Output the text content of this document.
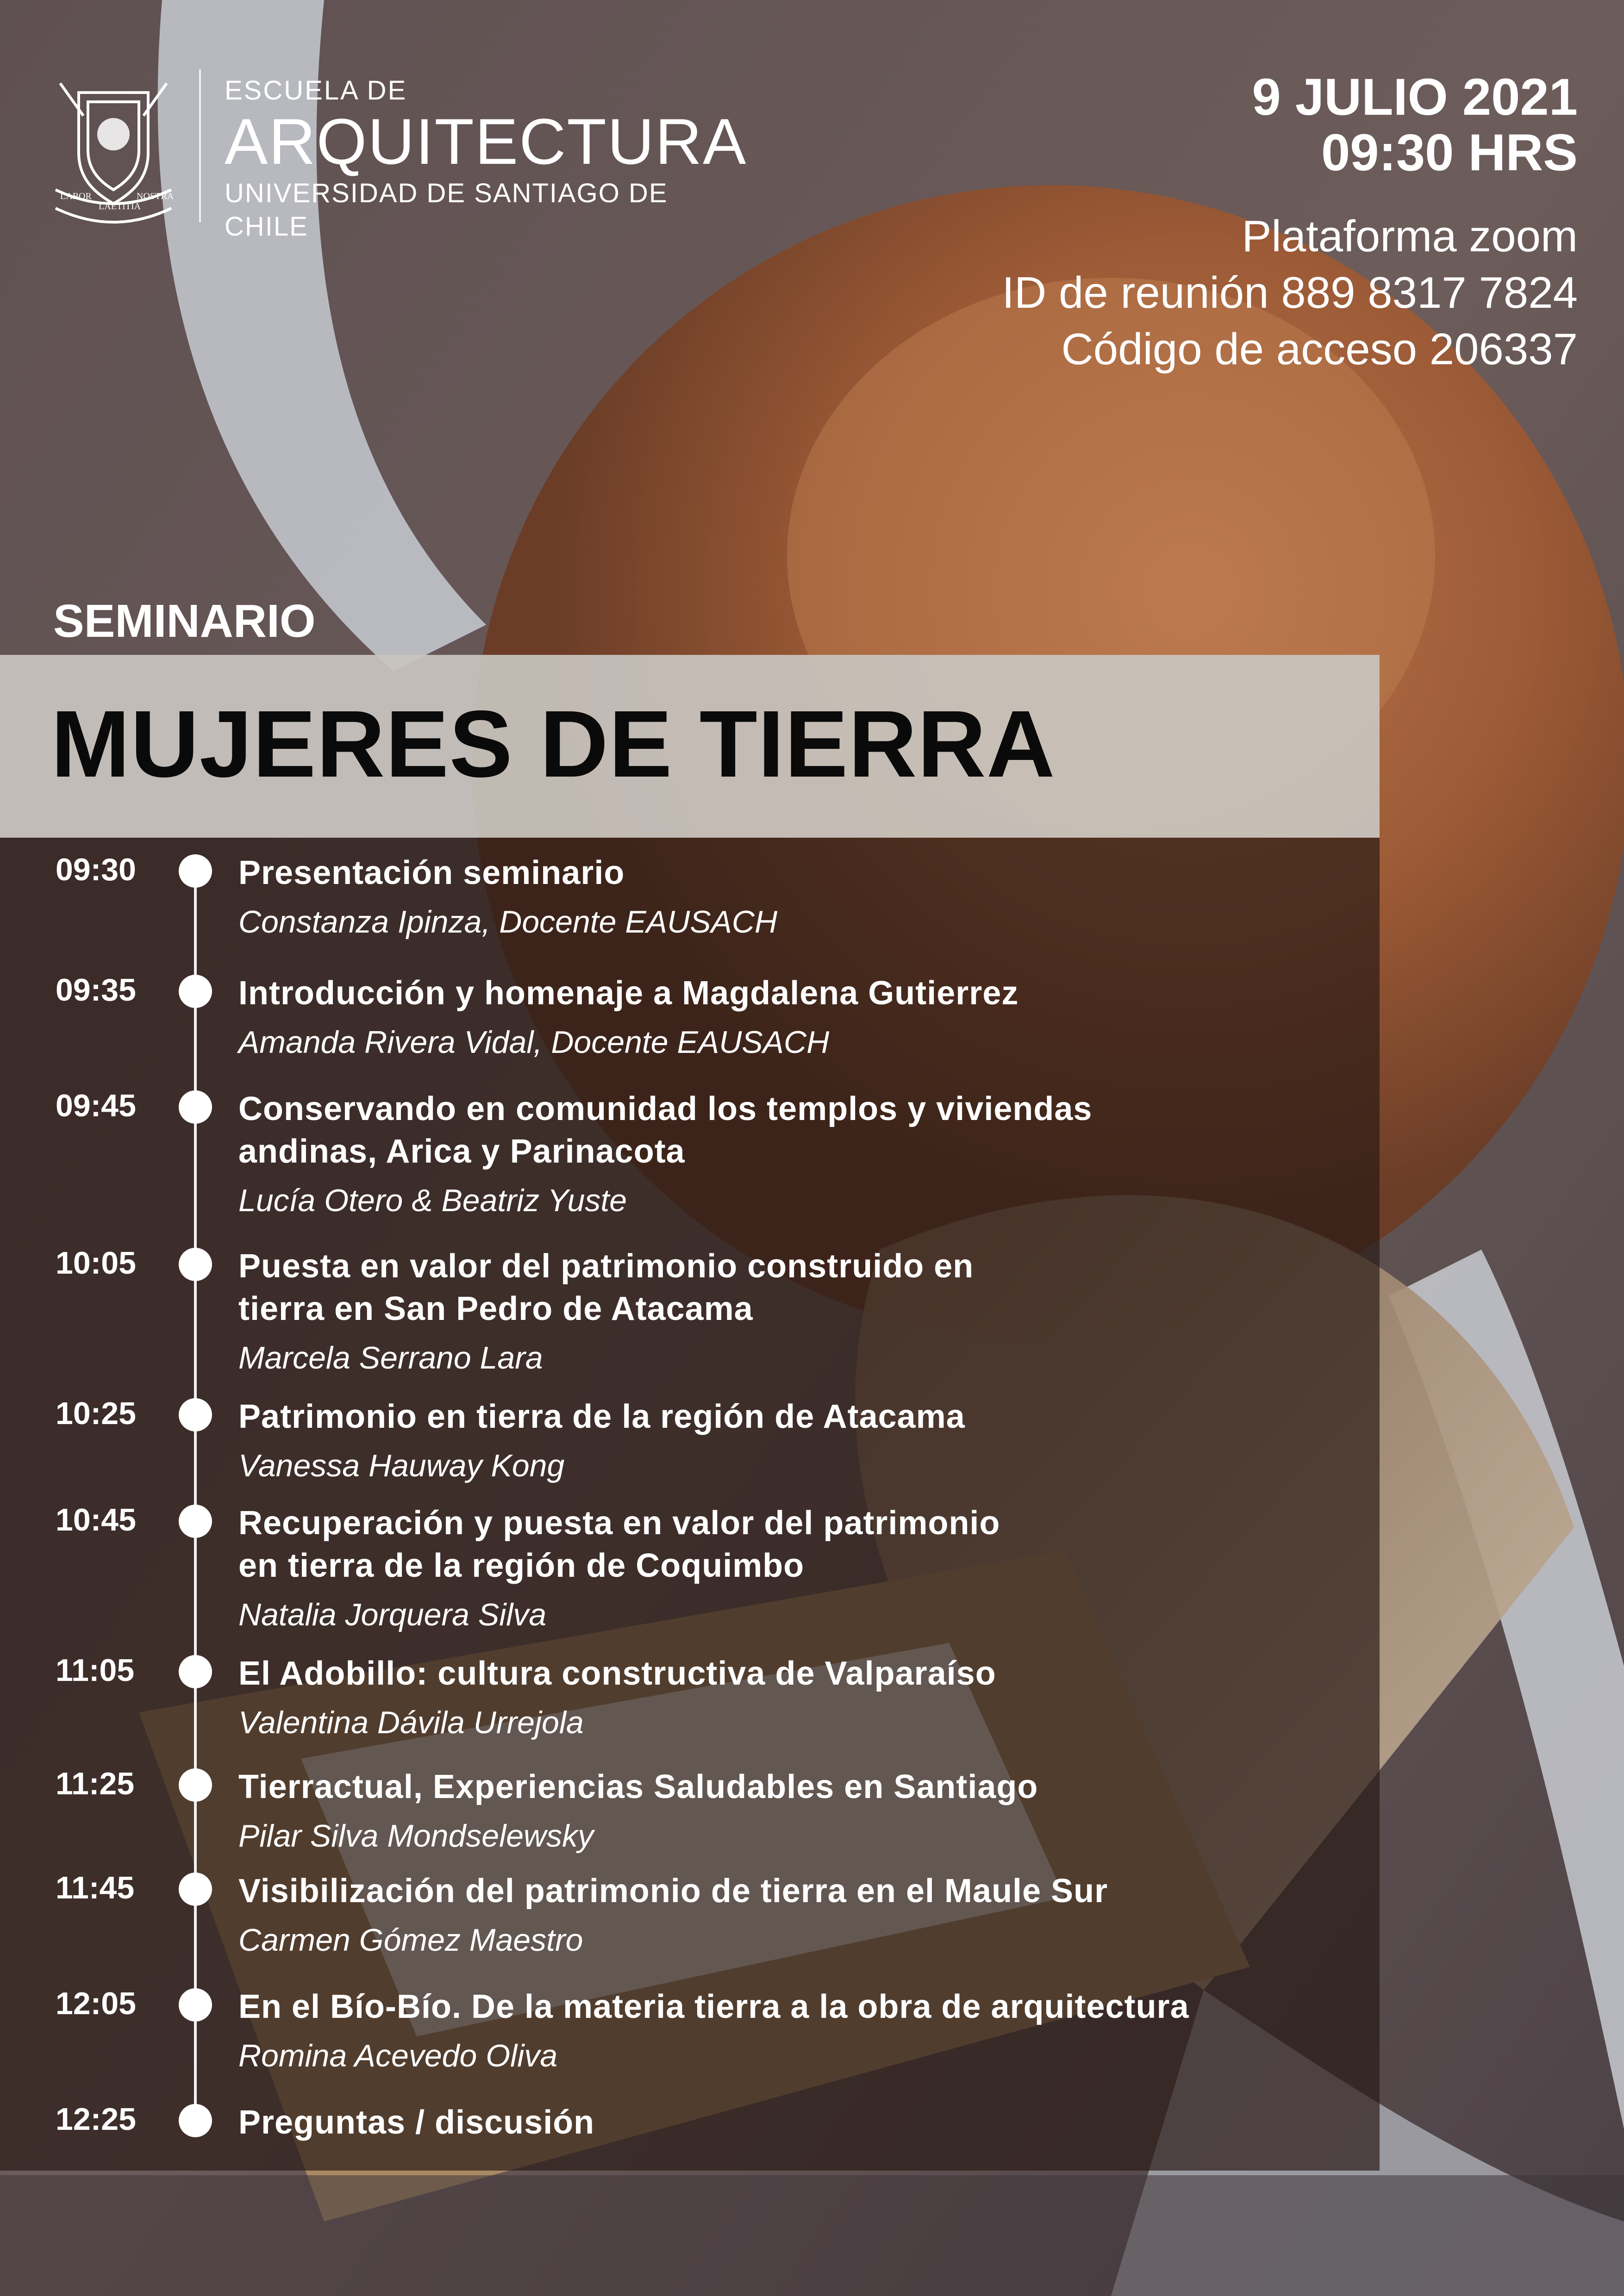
LABOR
LAETITIA
NOSTRA
ESCUELA DE
ARQUITECTURA
UNIVERSIDAD DE SANTIAGO DE CHILE
9 JULIO 2021
09:30 HRS
Plataforma zoom
ID de reunión 889 8317 7824
Código de acceso 206337
SEMINARIO
MUJERES DE TIERRA
09:30	Presentación seminario
Constanza Ipinza, Docente EAUSACH
09:35	Introducción y homenaje a Magdalena Gutierrez
Amanda Rivera Vidal, Docente EAUSACH
09:45	Conservando en comunidad los templos y viviendas
andinas, Arica y Parinacota
Lucía Otero & Beatriz Yuste
10:05	Puesta en valor del patrimonio construido en
tierra en San Pedro de Atacama
Marcela Serrano Lara
10:25	Patrimonio en tierra de la región de Atacama
Vanessa Hauway Kong
10:45	Recuperación y puesta en valor del patrimonio
en tierra de la región de Coquimbo
Natalia Jorquera Silva
11:05	El Adobillo: cultura constructiva de Valparaíso
Valentina Dávila Urrejola
11:25	Tierractual, Experiencias Saludables en Santiago
Pilar Silva Mondselewsky
11:45	Visibilización del patrimonio de tierra en el Maule Sur
Carmen Gómez Maestro
12:05	En el Bío-Bío. De la materia tierra a la obra de arquitectura
Romina Acevedo Oliva
12:25	Preguntas / discusión
